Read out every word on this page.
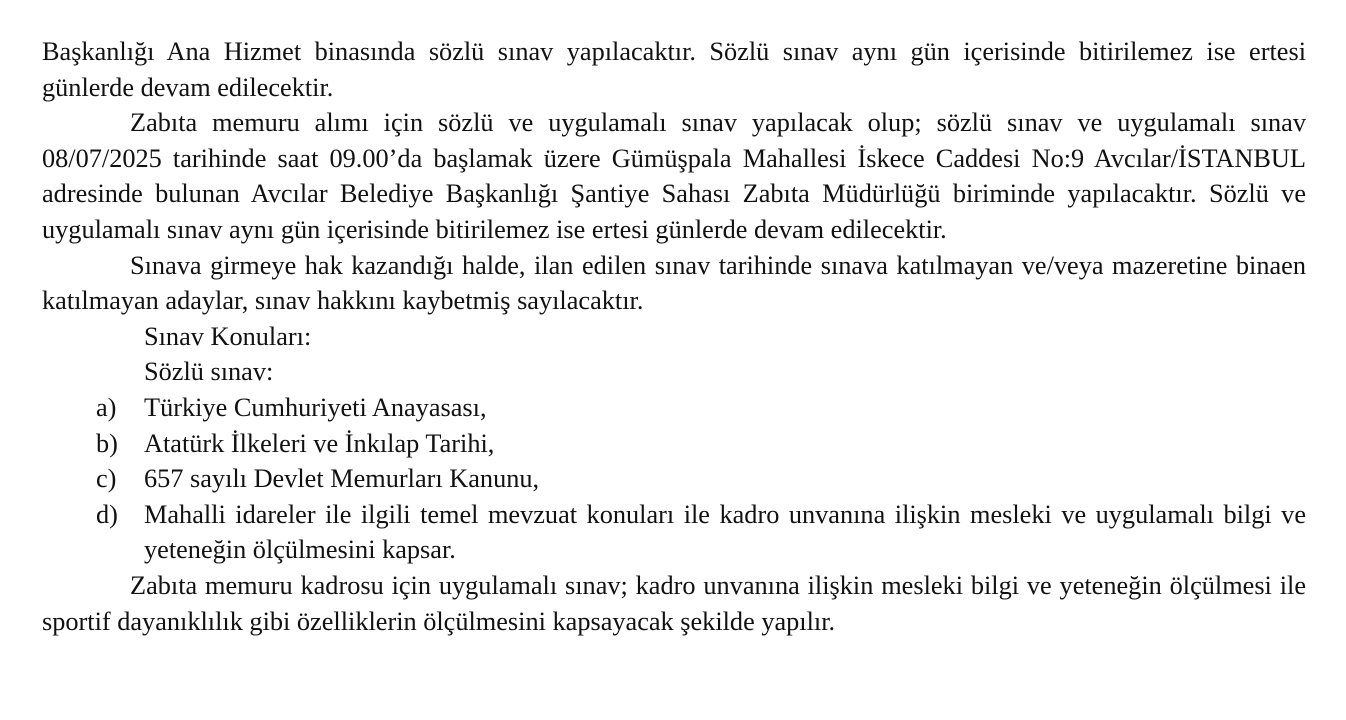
Başkanlığı Ana Hizmet binasında sözlü sınav yapılacaktır. Sözlü sınav aynı gün içerisinde bitirilemez ise ertesi günlerde devam edilecektir.

Zabıta memuru alımı için sözlü ve uygulamalı sınav yapılacak olup; sözlü sınav ve uygulamalı sınav 08/07/2025 tarihinde saat 09.00’da başlamak üzere Gümüşpala Mahallesi İskece Caddesi No:9 Avcılar/İSTANBUL adresinde bulunan Avcılar Belediye Başkanlığı Şantiye Sahası Zabıta Müdürlüğü biriminde yapılacaktır. Sözlü ve uygulamalı sınav aynı gün içerisinde bitirilemez ise ertesi günlerde devam edilecektir.

Sınava girmeye hak kazandığı halde, ilan edilen sınav tarihinde sınava katılmayan ve/veya mazeretine binaen katılmayan adaylar, sınav hakkını kaybetmiş sayılacaktır.

Sınav Konuları:

Sözlü sınav:

a)	Türkiye Cumhuriyeti Anayasası,
b) Atatürk İlkeleri ve İnkılap Tarihi,
c)	657 sayılı Devlet Memurları Kanunu,
d) Mahalli idareler ile ilgili temel mevzuat konuları ile kadro unvanına ilişkin mesleki ve uygulamalı bilgi ve yeteneğin ölçülmesini kapsar.

Zabıta memuru kadrosu için uygulamalı sınav; kadro unvanına ilişkin mesleki bilgi ve yeteneğin ölçülmesi ile sportif dayanıklılık gibi özelliklerin ölçülmesini kapsayacak şekilde yapılır.
